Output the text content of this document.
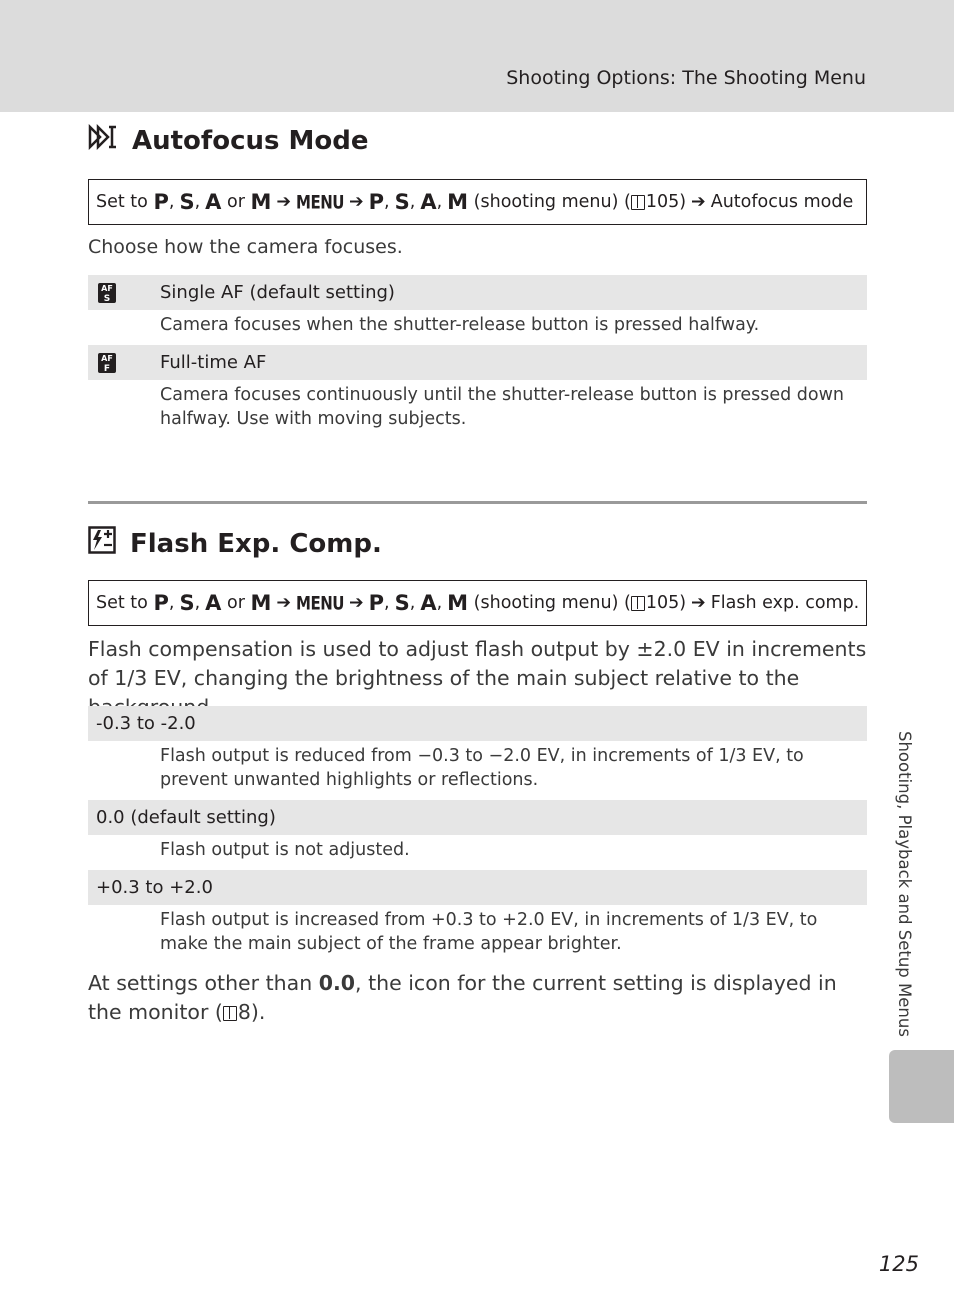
Shooting Options: The Shooting Menu
Autofocus Mode
Set to
P , S , A
or
M ➔ MENU ➔ P , S , A , M
(shooting menu) ( 105) ➔ Autofocus mode
Choose how the camera focuses.
AF
S	Single AF (default setting)
Camera focuses when the shutter-release button is pressed halfway.
AF
F	Full-time AF
Camera focuses continuously until the shutter-release button is pressed down halfway. Use with moving subjects.
Flash Exp. Comp.
Set to
P , S , A
or
M ➔ MENU ➔ P , S , A , M
(shooting menu) ( 105) ➔ Flash exp. comp.
Flash compensation is used to adjust flash output by ±2.0 EV in increments of 1/3 EV, changing the brightness of the main subject relative to the
-0.3 to -2.0
Flash output is reduced from −0.3 to −2.0 EV, in increments of 1/3 EV, to prevent unwanted highlights or reflections.
0.0 (default setting)
Flash output is not adjusted.
+0.3 to +2.0
Flash output is increased from +0.3 to +2.0 EV, in increments of 1/3 EV, to make the main subject of the frame appear brighter.
At settings other than 0.0, the icon for the current setting is displayed in the monitor ( 8).	Shooting, Playback and Setup Menus
125
